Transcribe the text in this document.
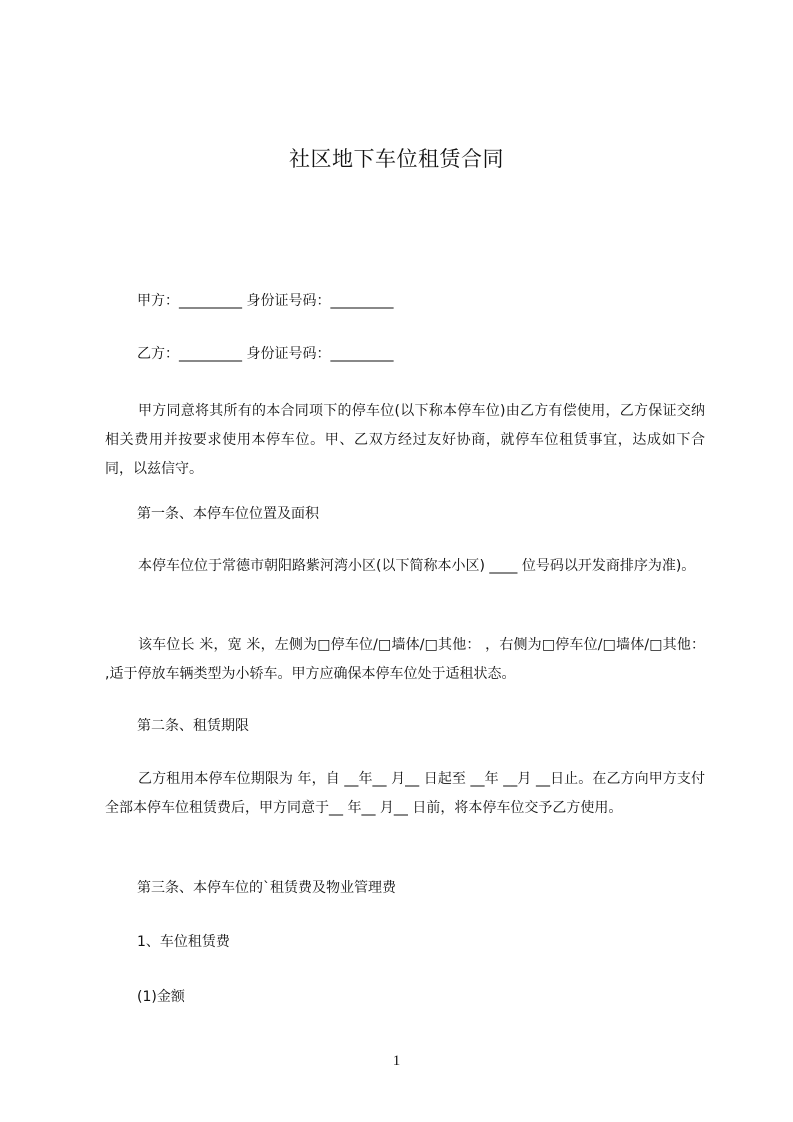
社区地下车位租赁合同

甲方：_________ 身份证号码：_________

乙方：_________ 身份证号码：_________

甲方同意将其所有的本合同项下的停车位(以下称本停车位)由乙方有偿使用，乙方保证交纳相关费用并按要求使用本停车位。甲、乙双方经过友好协商，就停车位租赁事宜，达成如下合同，以兹信守。

第一条、本停车位位置及面积

本停车位位于常德市朝阳路紫河湾小区(以下简称本小区) ____ 位号码以开发商排序为准)。

该车位长 米，宽 米，左侧为□停车位/□墙体/□其他： ，右侧为□停车位/□墙体/□其他： ,适于停放车辆类型为小轿车。甲方应确保本停车位处于适租状态。

第二条、租赁期限

乙方租用本停车位期限为 年，自 __年__ 月__ 日起至 __年 __月 __日止。在乙方向甲方支付全部本停车位租赁费后，甲方同意于__ 年__ 月__ 日前，将本停车位交予乙方使用。

第三条、本停车位的`租赁费及物业管理费

1、车位租赁费

(1)金额

1
